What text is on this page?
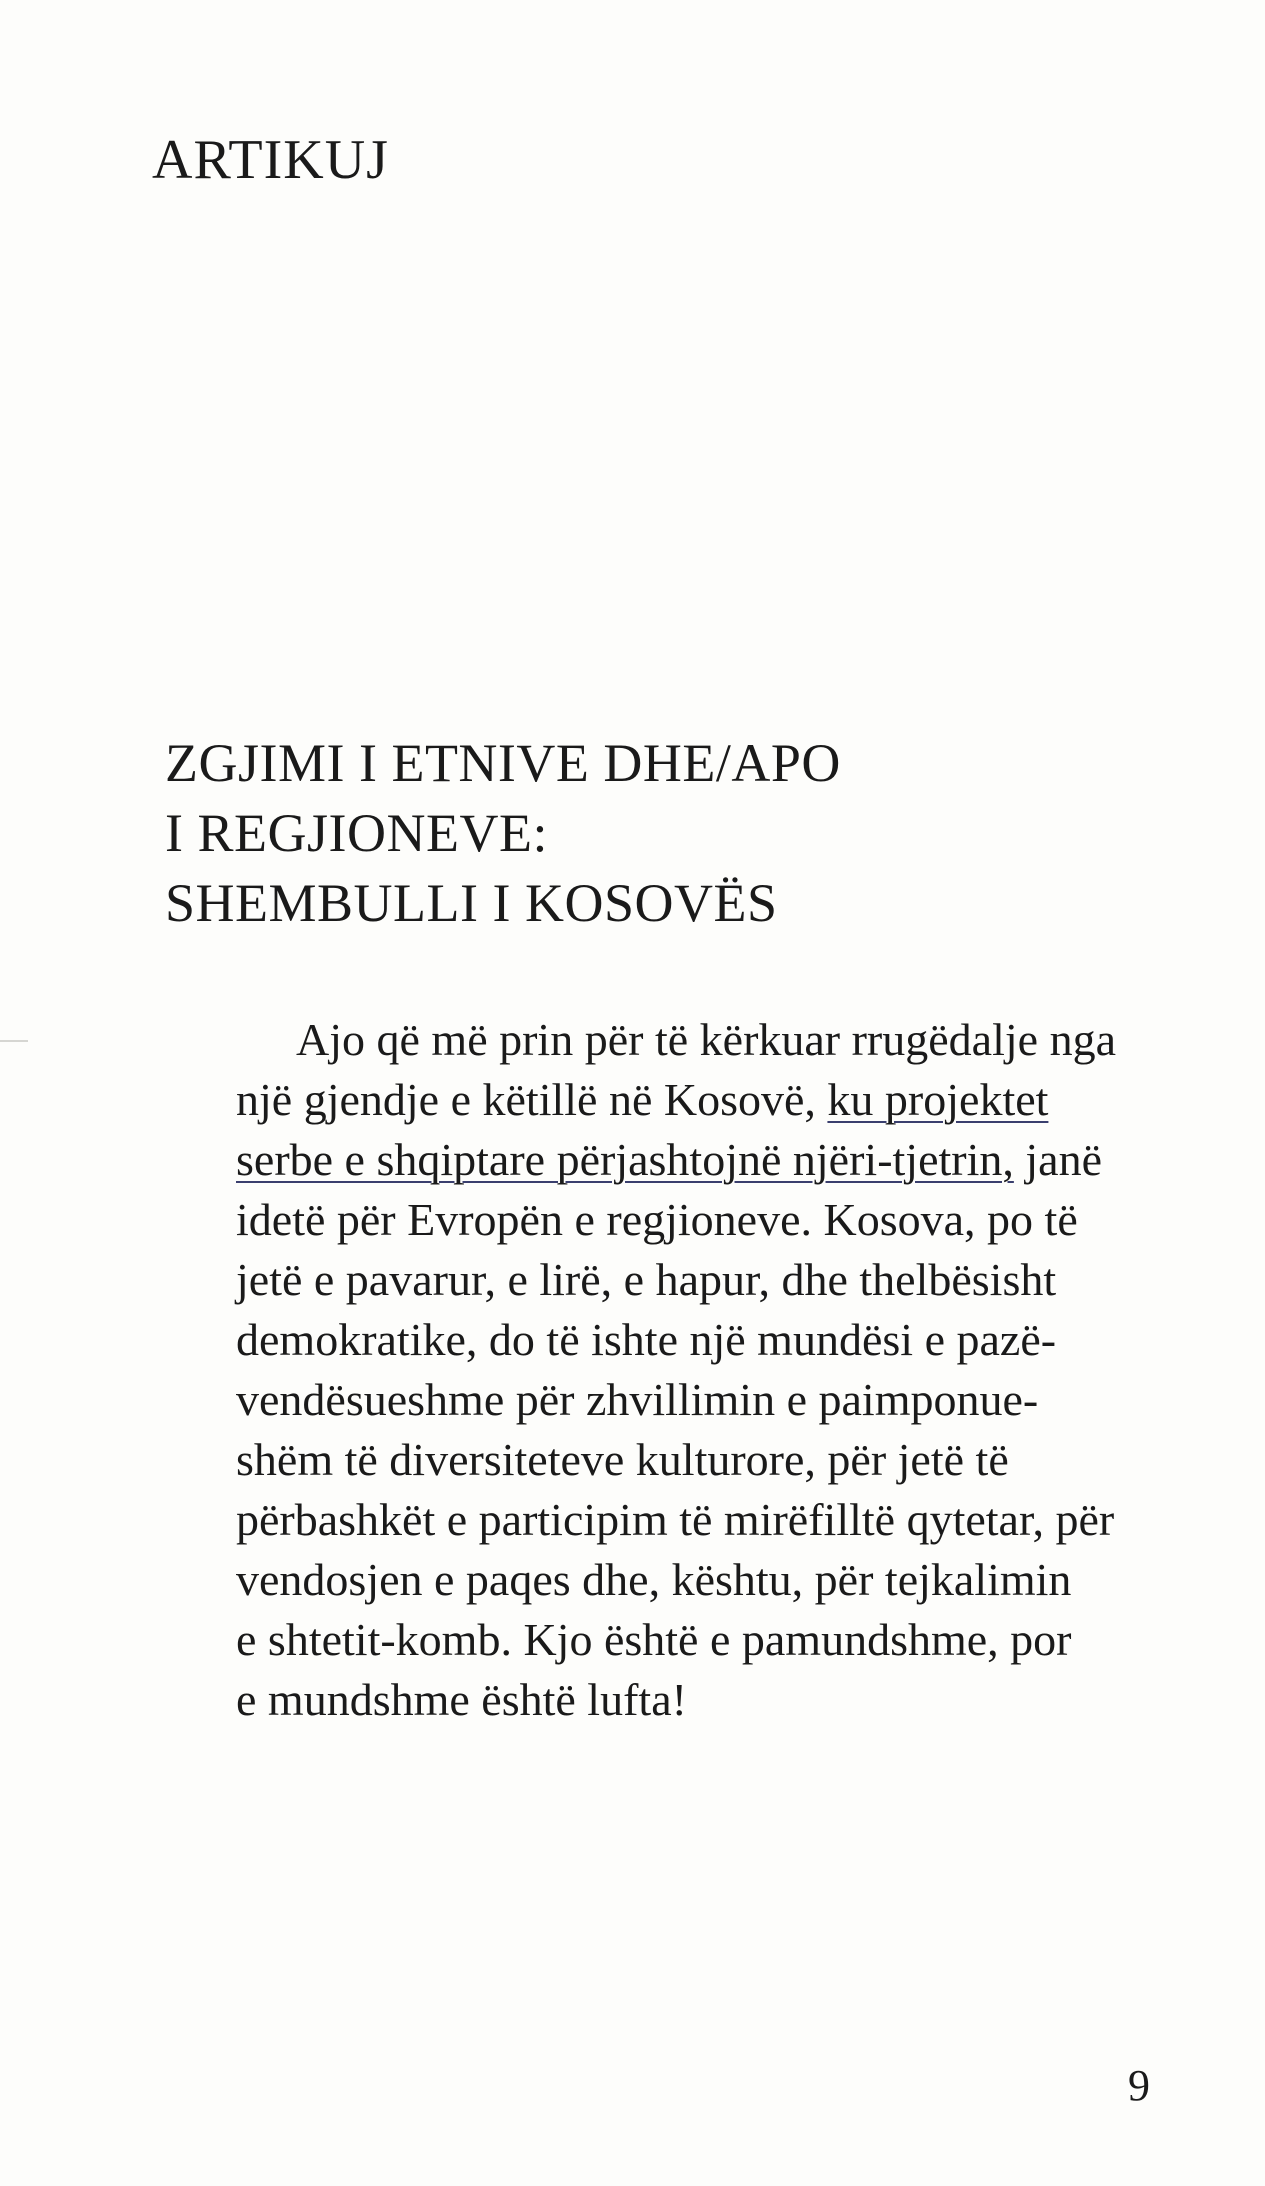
ARTIKUJ
ZGJIMI I ETNIVE DHE/APO
I REGJIONEVE:
SHEMBULLI I KOSOVËS
Ajo që më prin për të kërkuar rrugëdalje nga
një gjendje e këtillë në Kosovë, ku projektet
serbe e shqiptare përjashtojnë njëri-tjetrin, janë
idetë për Evropën e regjioneve. Kosova, po të
jetë e pavarur, e lirë, e hapur, dhe thelbësisht
demokratike, do të ishte një mundësi e pazë-
vendësueshme për zhvillimin e paimponue-
shëm të diversiteteve kulturore, për jetë të
përbashkët e participim të mirëfilltë qytetar, për
vendosjen e paqes dhe, kështu, për tejkalimin
e shtetit-komb. Kjo është e pamundshme, por
e mundshme është lufta!

9
